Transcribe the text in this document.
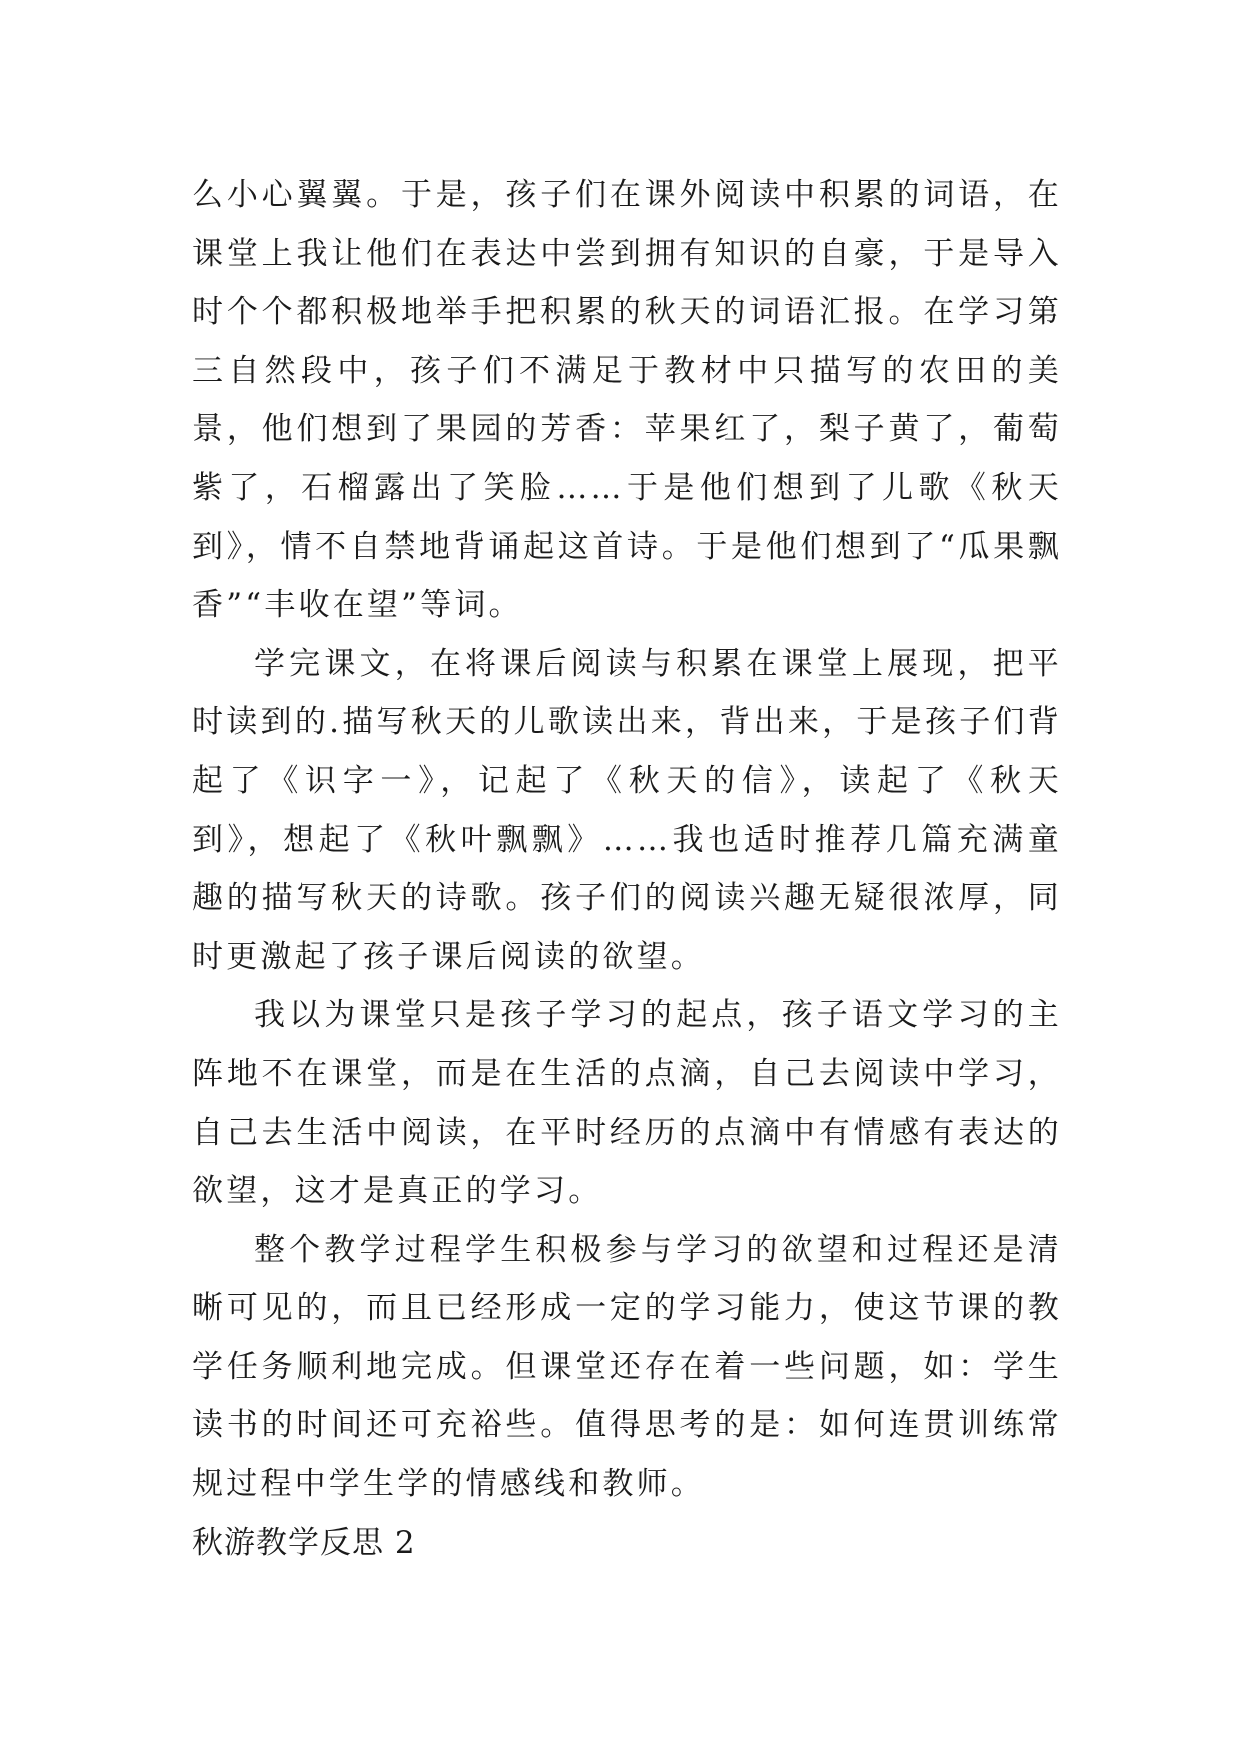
么小心翼翼。于是，孩子们在课外阅读中积累的词语，在课堂上我让他们在表达中尝到拥有知识的自豪，于是导入时个个都积极地举手把积累的秋天的词语汇报。在学习第三自然段中，孩子们不满足于教材中只描写的农田的美景，他们想到了果园的芳香：苹果红了，梨子黄了，葡萄紫了，石榴露出了笑脸……于是他们想到了儿歌《秋天到》，情不自禁地背诵起这首诗。于是他们想到了“瓜果飘香”“丰收在望”等词。

学完课文，在将课后阅读与积累在课堂上展现，把平时读到的.描写秋天的儿歌读出来，背出来，于是孩子们背起了《识字一》，记起了《秋天的信》，读起了《秋天到》，想起了《秋叶飘飘》……我也适时推荐几篇充满童趣的描写秋天的诗歌。孩子们的阅读兴趣无疑很浓厚，同时更激起了孩子课后阅读的欲望。

我以为课堂只是孩子学习的起点，孩子语文学习的主阵地不在课堂，而是在生活的点滴，自己去阅读中学习，自己去生活中阅读，在平时经历的点滴中有情感有表达的欲望，这才是真正的学习。

整个教学过程学生积极参与学习的欲望和过程还是清晰可见的，而且已经形成一定的学习能力，使这节课的教学任务顺利地完成。但课堂还存在着一些问题，如：学生读书的时间还可充裕些。值得思考的是：如何连贯训练常规过程中学生学的情感线和教师。

秋游教学反思 2
